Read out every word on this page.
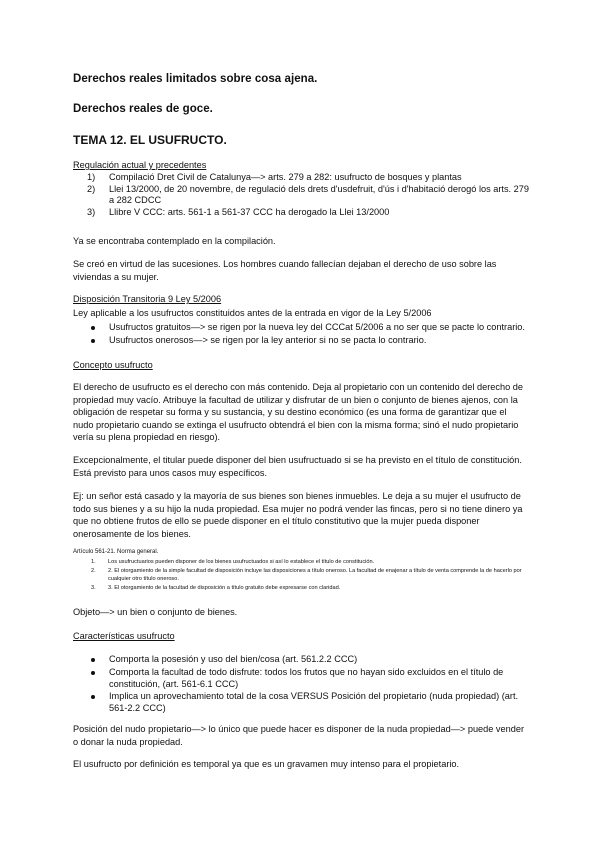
Derechos reales limitados sobre cosa ajena.
Derechos reales de goce.
TEMA 12. EL USUFRUCTO.

Regulación actual y precedentes

1) Compilació Dret Civil de Catalunya—> arts. 279 a 282: usufructo de bosques y plantas
2) Llei 13/2000, de 20 novembre, de regulació dels drets d'usdefruit, d'ús i d'habitació derogó los arts. 279 a 282 CDCC
3) Llibre V CCC: arts. 561-1 a 561-37 CCC ha derogado la Llei 13/2000

Ya se encontraba contemplado en la compilación.

Se creó en virtud de las sucesiones. Los hombres cuando fallecían dejaban el derecho de uso sobre las viviendas a su mujer.

Disposición Transitoria 9 Ley 5/2006

Ley aplicable a los usufructos constituidos antes de la entrada en vigor de la Ley 5/2006

Usufructos gratuitos—> se rigen por la nueva ley del CCCat 5/2006 a no ser que se pacte lo contrario.
Usufructos onerosos—> se rigen por la ley anterior si no se pacta lo contrario.

Concepto usufructo

El derecho de usufructo es el derecho con más contenido. Deja al propietario con un contenido del derecho de propiedad muy vacío. Atribuye la facultad de utilizar y disfrutar de un bien o conjunto de bienes ajenos, con la obligación de respetar su forma y su sustancia, y su destino económico (es una forma de garantizar que el nudo propietario cuando se extinga el usufructo obtendrá el bien con la misma forma; sinó el nudo propietario vería su plena propiedad en riesgo).

Excepcionalmente, el titular puede disponer del bien usufructuado si se ha previsto en el título de constitución. Está previsto para unos casos muy específicos.

Ej: un señor está casado y la mayoría de sus bienes son bienes inmuebles. Le deja a su mujer el usufructo de todo sus bienes y a su hijo la nuda propiedad. Esa mujer no podrá vender las fincas, pero si no tiene dinero ya que no obtiene frutos de ello se puede disponer en el título constitutivo que la mujer pueda disponer onerosamente de los bienes.

Artículo 561-21. Norma general.

1. Los usufructuarios pueden disponer de los bienes usufructuados si así lo establece el título de constitución.
2. 2. El otorgamiento de la simple facultad de disposición incluye las disposiciones a título oneroso. La facultad de enajenar a título de venta comprende la de hacerlo por cualquier otro título oneroso.
3. 3. El otorgamiento de la facultad de disposición a título gratuito debe expresarse con claridad.

Objeto—> un bien o conjunto de bienes.

Características usufructo

Comporta la posesión y uso del bien/cosa (art. 561.2.2 CCC)
Comporta la facultad de todo disfrute: todos los frutos que no hayan sido excluidos en el título de constitución, (art. 561-6.1 CCC)
Implica un aprovechamiento total de la cosa VERSUS Posición del propietario (nuda propiedad) (art. 561-2.2 CCC)

Posición del nudo propietario—> lo único que puede hacer es disponer de la nuda propiedad—> puede vender o donar la nuda propiedad.

El usufructo por definición es temporal ya que es un gravamen muy intenso para el propietario.
